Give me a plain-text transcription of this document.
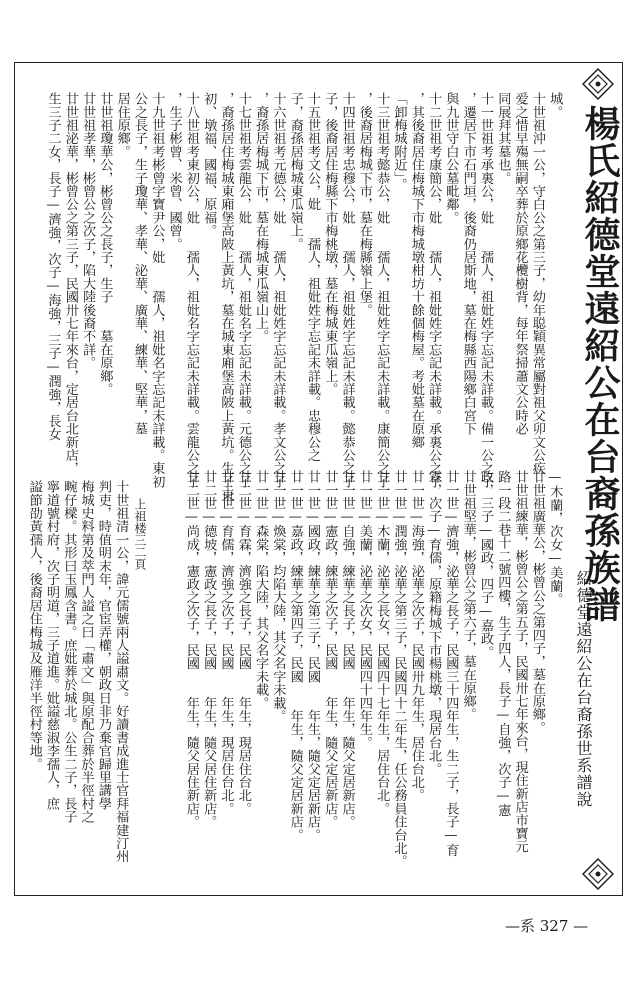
楊氏紹德堂遠紹公在台裔孫族譜
紹德堂遠紹公在台裔孫世系譜說
城。
十世祖沖一公，守白公之第三子，幼年聪穎異常屬對祖父卯文公疾
爱之惜早殤無嗣卒葬於原鄉花欖樹背，每年祭掃蕭文公時必
同展拜其墓也。
十一世祖考承裏公，妣　　孺人，祖妣姓字忘記未詳載。備一公之子
，遷居下市石門垣，後裔仍居斯地，墓在梅縣西陽鄉白宮下
與九世守白公墓毗鄰。
十二世祖考康簡公，妣　　孺人，祖妣姓字忘記未詳載。承裏公之子
，其後裔居住梅城下市梅城墩柑坊十餘個梅屋。考妣墓在原鄉
「卸梅城附近」。
十三世祖考懿恭公，妣　　孺人，祖妣姓字忘記未詳載。康簡公之子
，後裔居梅城下市，墓在梅縣嶺上堡。
十四世祖考忠穆公，妣　　孺人，祖妣姓字忘記未詳載。懿恭公之子
子，後裔居住梅縣下市梅桃墩，墓在梅城東瓜嶺上。
十五世祖考文公，妣　　孺人，祖妣姓字忘記未詳載。忠穆公之
子，裔孫居梅城東瓜嶺上。
十六世祖考元德公，妣　　孺人，祖妣姓字忘記未詳載。孝文公之子
，裔孫居梅城下市，墓在梅城東瓜嶺山上。
十七世祖考雲龍公，妣　　孺人，祖妣名字忘記未詳載。元德公之子
，裔孫居住梅城東廂堡高陂上黃坑，墓在城東廂堡高陂上黃坑。生子東
初、墩福、國福、原福。
十八世祖考東初公，妣　　孺人，祖妣名字忘記未詳載。雲龍公之子
，生子彬曾、米曾、國曾。
十九世祖考彬曾字寶尹公，妣　　孺人，祖妣名字忘記未詳載。東初
公之長子，生子瓊華、孝華、泌華、廣華、練華、堅華，墓
居住原鄉。
廿世祖瓊華公，彬曾公之長子，生子　　墓在原鄉。
廿世祖孝華，彬曾公之次子，陷大陸後裔不詳。
廿世祖泌華，彬曾公之第三子，民國卅七年來台，定居台北新店，
生三子二女，長子—濟強，次子—海強，三子—潤強，長女
—木蘭，次女—美蘭。
廿世祖廣華公，彬曾公之第四子，墓在原鄉。
廿世祖練華，彬曾公之第五子，民國卅七年來台，現住新店市寶元
路一段二巷十二號四樓，生子四人，長子—自強，次子—憲
政，三子—國政，四子—嘉政。
廿世祖堅華，彬曾公之第六子，墓在原鄉。
廿一世—濟強，泌華之長子，民國三十四年生，生二子，長子—育
霖，次子—育儒，原籍梅城下市楊桃墩，現居台北。
廿一世—海強，泌華之次子，民國卅九年生，居住台北。
廿一世—潤強，泌華之第三子，民國四十二年生，任公務員住台北。
廿一世—木蘭，泌華之長女，民國四十七年生，居住台北。
廿一世—美蘭，泌華之次女，民國四十四年生。
廿一世—自強，練華之長子，民國　　年生，隨父定居新店。
廿一世—憲政，練華之次子，民國　　年生，隨父定居新店。
廿一世—國政，練華之第三子，民國　　年生，隨父定居新店。
廿一世—嘉政，練華之第四子，民國　　年生，隨父定居新店。
廿一世—煥棠，均陷大陸，其父名字未載。
廿一世—森棠，陷大陸，其父名字未載。
廿二世—育霖，濟強之長子，民國　　年生，現居住台北。
廿二世—育儒，濟強之次子，民國　　年生，現居住台北。
廿二世—德坡，憲政之長子，民國　　年生，隨父居住新店。
廿二世—尚成，憲政之次子，民國　　年生，隨父居住新店。
十世祖清一公，諱元儒號兩人謚肅文。好讀書成進士官拜福建汀州
判吏，時值明末年，官宦弄權，朝政日非乃棄官歸里講學
梅城史料第及萃門人謚之曰「肅文」與原配合葬於半徑村之
畹仔樑。其形曰玉鳳含書。庶妣葬於城北。公生二子，長子
寧道號村府，次子明道，三子道進。妣謚慈淑李孺人，庶
謚節劭黃孺人，後裔居住梅城及雁洋半徑村等地。	上祖楼三二頁
—系 327 —
